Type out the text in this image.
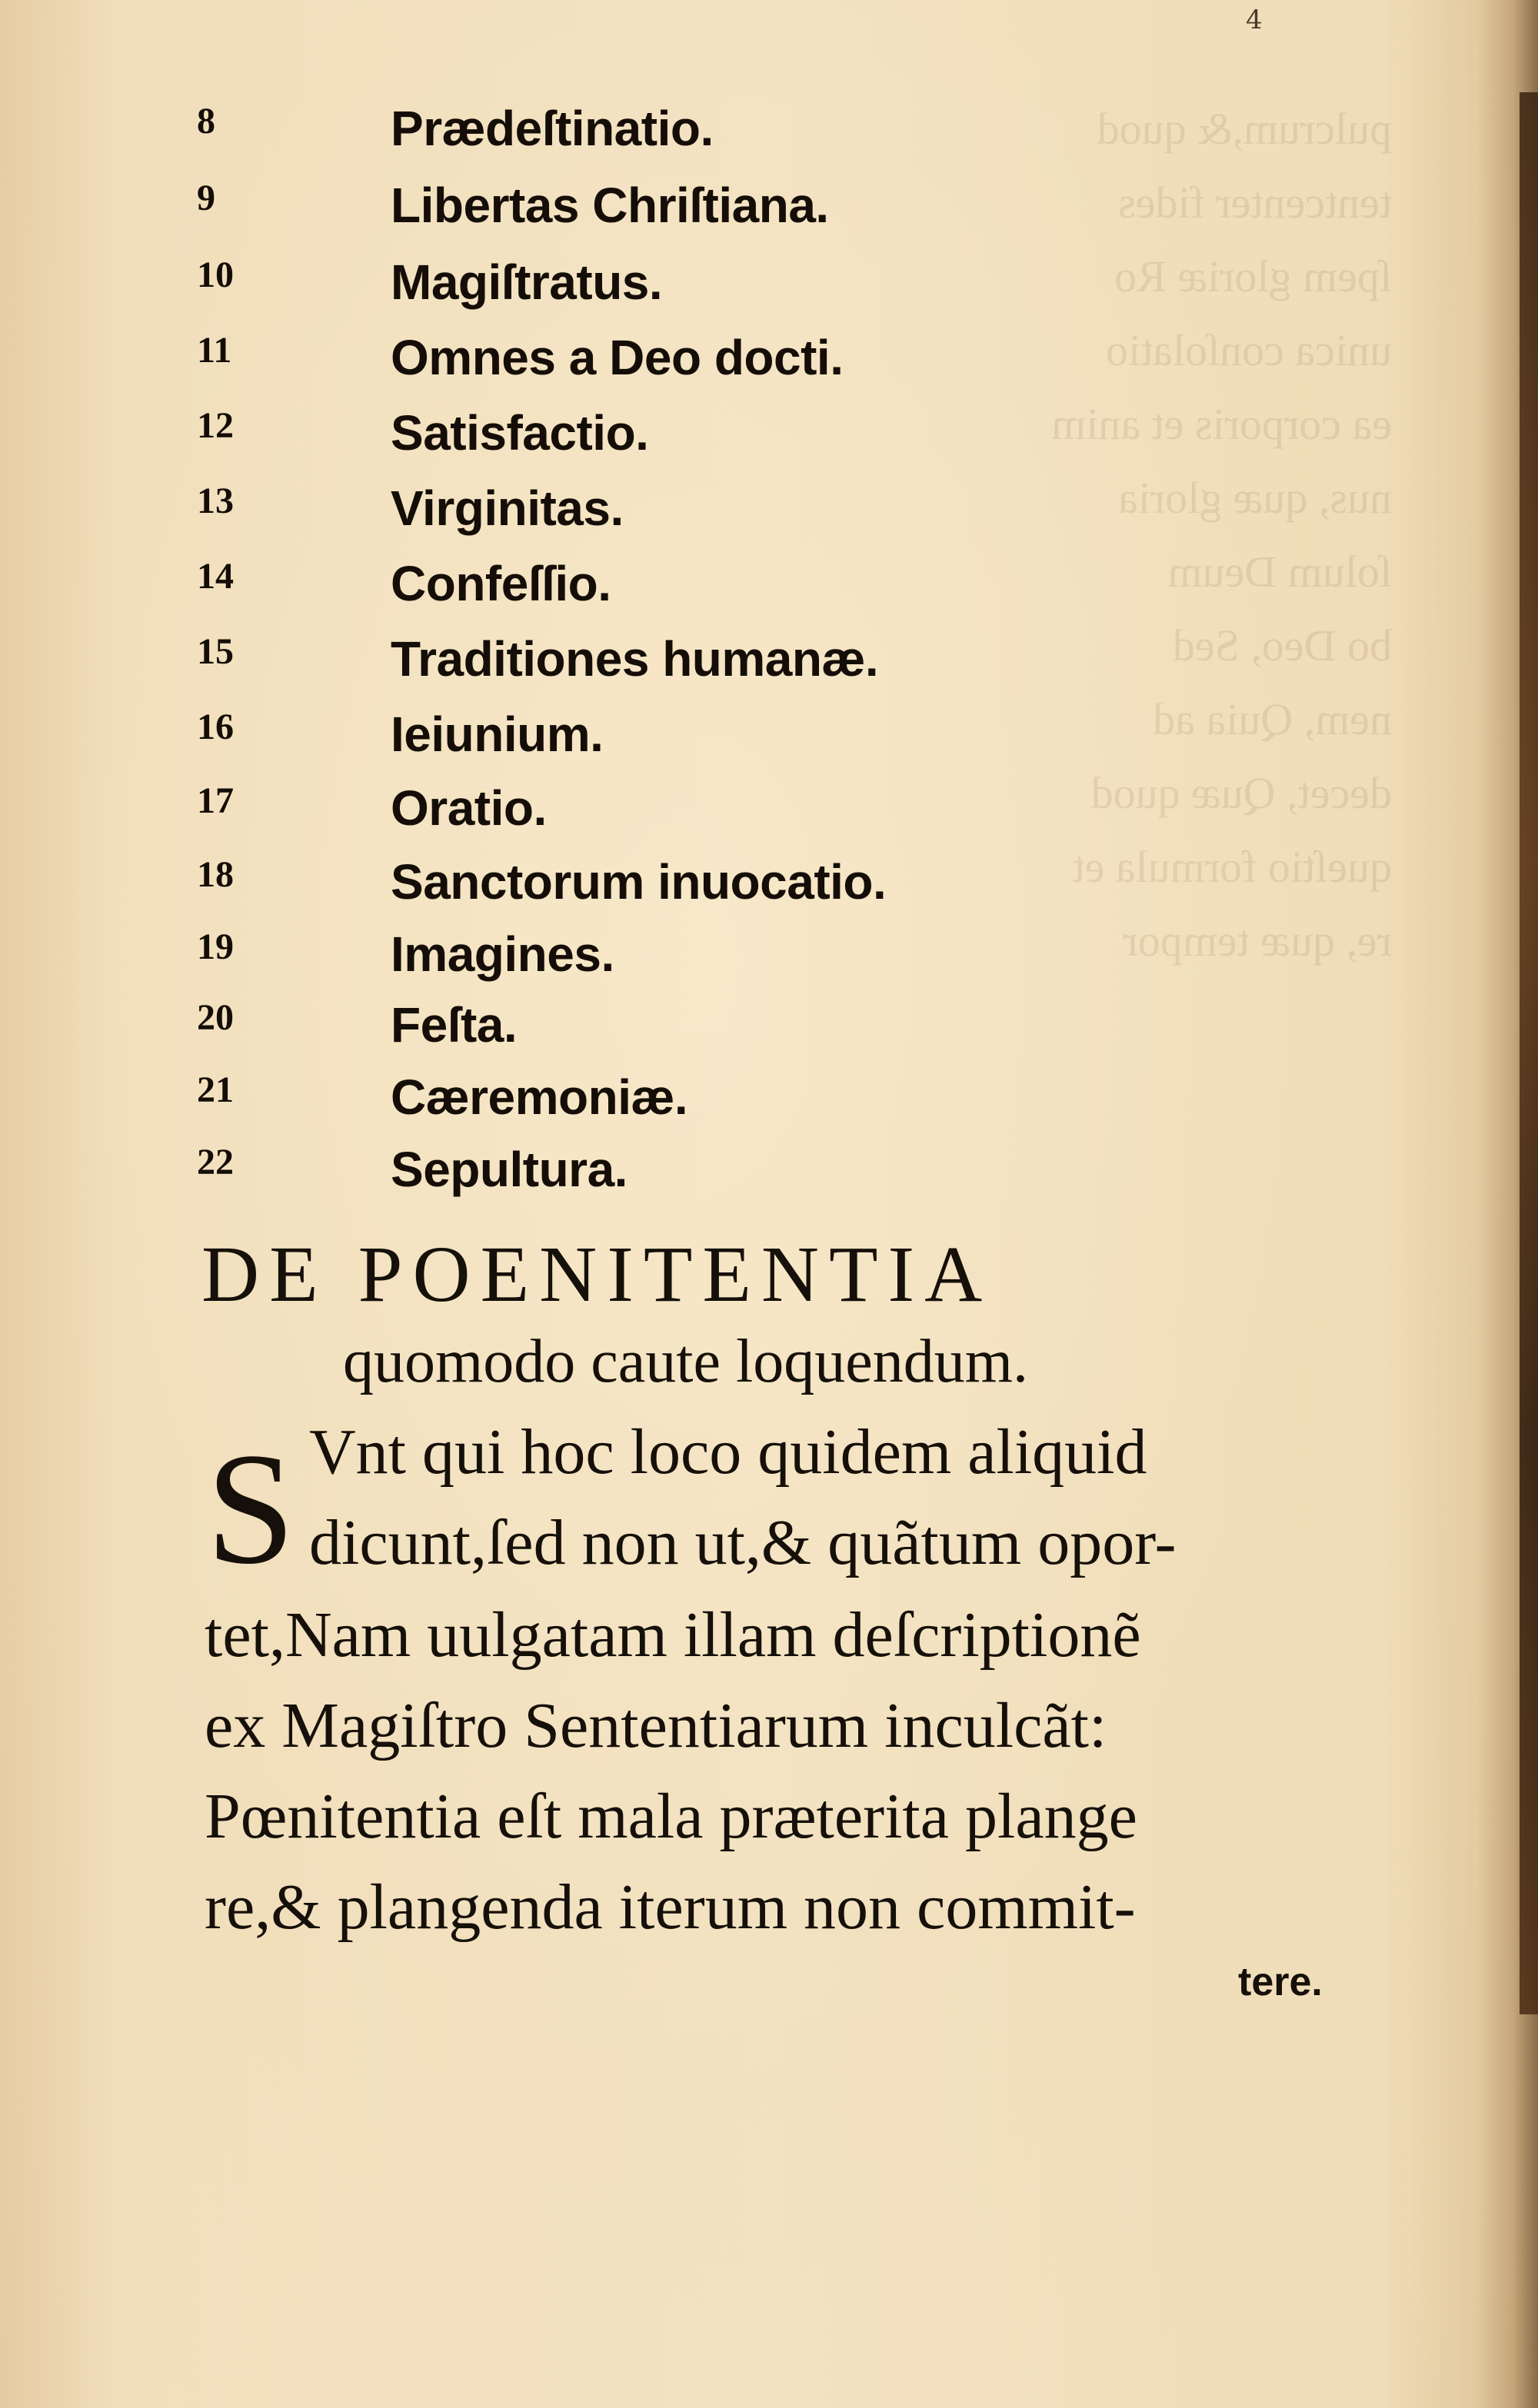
pulcrum,& quod
tentcenter fides
ſpem gloriæ Ro
unica conſolatio
ea corporis et anim
nus, quæ gloria
ſolum Deum
bo Deo, Sed
nem, Quia ad
decet, Quæ quod
queſtio formula et
re, quæ tempor
4
8	Prædeſtinatio.
9	Libertas Chriſtiana.
10	Magiſtratus.
11	Omnes a Deo docti.
12	Satisfactio.
13	Virginitas.
14	Confeſſio.
15	Traditiones humanæ.
16	Ieiunium.
17	Oratio.
18	Sanctorum inuocatio.
19	Imagines.
20	Feſta.
21	Cæremoniæ.
22	Sepultura.
DE POENITENTIA
quomodo caute loquendum.
S Vnt qui hoc loco quidem aliquid
dicunt,ſed non ut,& quãtum opor-
tet,Nam uulgatam illam deſcriptionẽ
ex Magiſtro Sententiarum inculcãt:
Pœnitentia eſt mala præterita plange
re,& plangenda iterum non commit-
tere.
